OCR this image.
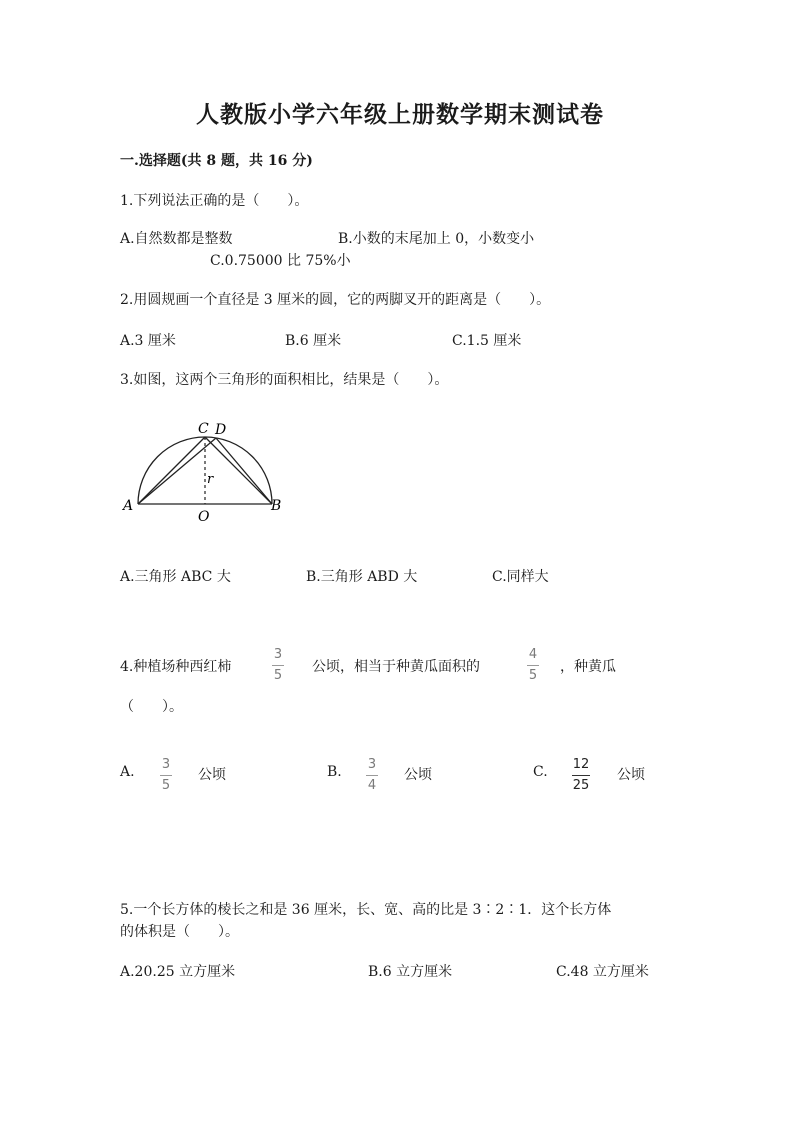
人教版小学六年级上册数学期末测试卷
一.选择题(共 8 题，共 16 分)
1.下列说法正确的是（　　）。
A.自然数都是整数	B.小数的末尾加上 0，小数变小
C.0.75000 比 75%小
2.用圆规画一个直径是 3 厘米的圆，它的两脚叉开的距离是（　　）。
A.3 厘米	B.6 厘米	C.1.5 厘米
3.如图，这两个三角形的面积相比，结果是（　　）。
A	B
C D
O
r
A.三角形 ABC 大	B.三角形 ABD 大	C.同样大
4.种植场种西红柿
3
5
公顷，相当于种黄瓜面积的
4
5
，种黄瓜
（　　）。
A. 3
5
公顷	B. 3
4
公顷	C. 12
25
公顷
5.一个长方体的棱长之和是 36 厘米，长、宽、高的比是 3∶2∶1．这个长方体
的体积是（　　）。
A.20.25 立方厘米	B.6 立方厘米	C.48 立方厘米
